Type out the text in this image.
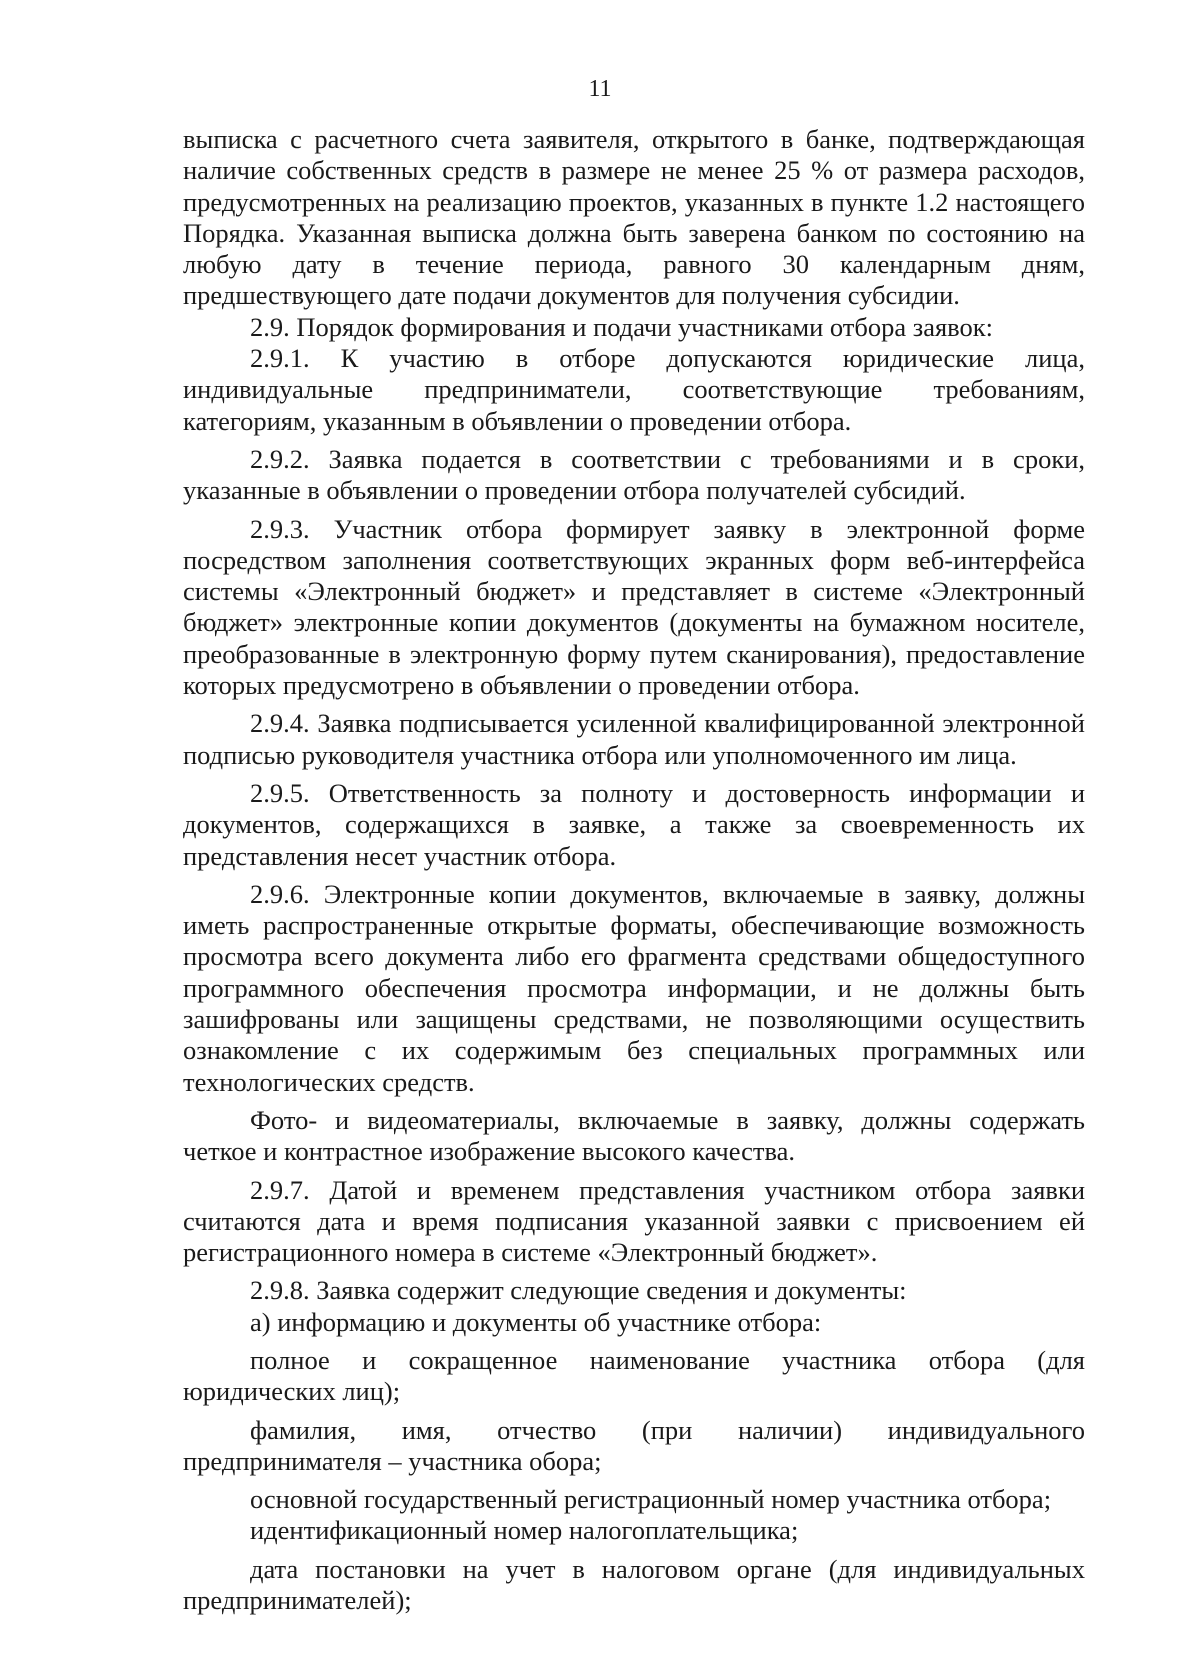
11

выписка с расчетного счета заявителя, открытого в банке, подтверждающая наличие собственных средств в размере не менее 25 % от размера расходов, предусмотренных на реализацию проектов, указанных в пункте 1.2 настоящего Порядка. Указанная выписка должна быть заверена банком по состоянию на любую дату в течение периода, равного 30 календарным дням, предшествующего дате подачи документов для получения субсидии.

2.9. Порядок формирования и подачи участниками отбора заявок:

2.9.1. К участию в отборе допускаются юридические лица, индивидуальные предприниматели, соответствующие требованиям, категориям, указанным в объявлении о проведении отбора.

2.9.2. Заявка подается в соответствии с требованиями и в сроки, указанные в объявлении о проведении отбора получателей субсидий.

2.9.3. Участник отбора формирует заявку в электронной форме посредством заполнения соответствующих экранных форм веб-интерфейса системы «Электронный бюджет» и представляет в системе «Электронный бюджет» электронные копии документов (документы на бумажном носителе, преобразованные в электронную форму путем сканирования), предоставление которых предусмотрено в объявлении о проведении отбора.

2.9.4. Заявка подписывается усиленной квалифицированной электронной подписью руководителя участника отбора или уполномоченного им лица.

2.9.5. Ответственность за полноту и достоверность информации и документов, содержащихся в заявке, а также за своевременность их представления несет участник отбора.

2.9.6. Электронные копии документов, включаемые в заявку, должны иметь распространенные открытые форматы, обеспечивающие возможность просмотра всего документа либо его фрагмента средствами общедоступного программного обеспечения просмотра информации, и не должны быть зашифрованы или защищены средствами, не позволяющими осуществить ознакомление с их содержимым без специальных программных или технологических средств.

Фото- и видеоматериалы, включаемые в заявку, должны содержать четкое и контрастное изображение высокого качества.

2.9.7. Датой и временем представления участником отбора заявки считаются дата и время подписания указанной заявки с присвоением ей регистрационного номера в системе «Электронный бюджет».

2.9.8. Заявка содержит следующие сведения и документы:

а) информацию и документы об участнике отбора:

полное и сокращенное наименование участника отбора (для юридических лиц);

фамилия, имя, отчество (при наличии) индивидуального предпринимателя – участника обора;

основной государственный регистрационный номер участника отбора;

идентификационный номер налогоплательщика;

дата постановки на учет в налоговом органе (для индивидуальных предпринимателей);
